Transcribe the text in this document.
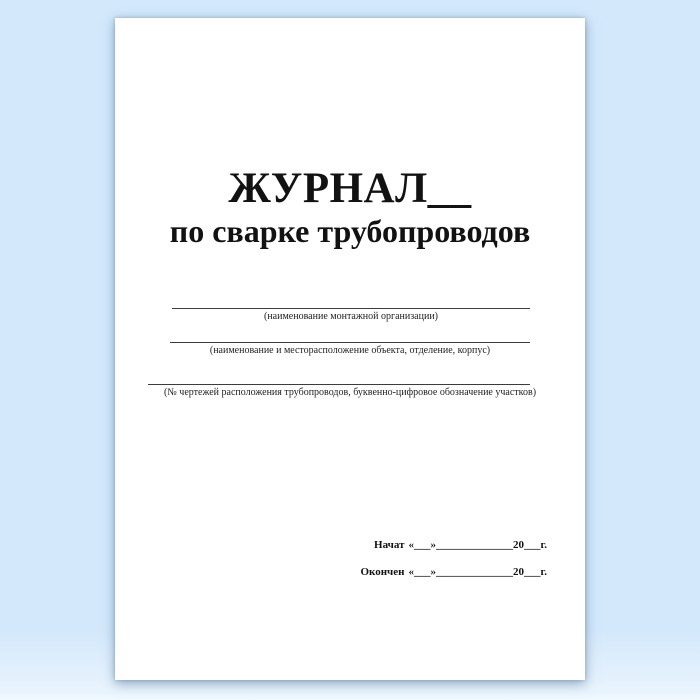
ЖУРНАЛ__
по сварке трубопроводов
(наименование монтажной организации)
(наименование и месторасположение объекта, отделение, корпус)
(№ чертежей расположения трубопроводов, буквенно-цифровое обозначение участков)
Начат «___»______________20___г.
Окончен «___»______________20___г.
